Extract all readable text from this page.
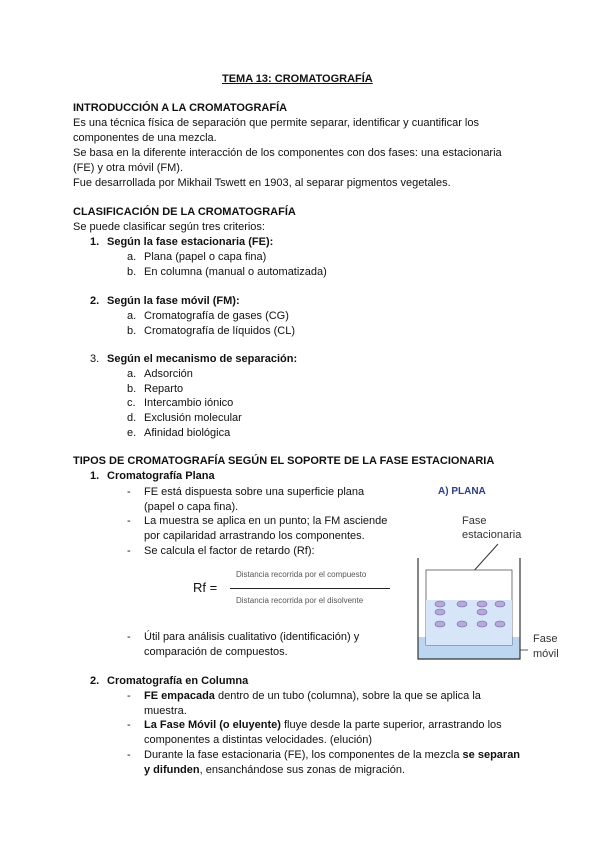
TEMA 13: CROMATOGRAFÍA
INTRODUCCIÓN A LA CROMATOGRAFÍA
Es una técnica física de separación que permite separar, identificar y cuantificar los
componentes de una mezcla.
Se basa en la diferente interacción de los componentes con dos fases: una estacionaria
(FE) y otra móvil (FM).
Fue desarrollada por Mikhail Tswett en 1903, al separar pigmentos vegetales.
CLASIFICACIÓN DE LA CROMATOGRAFÍA
Se puede clasificar según tres criterios:
1. Según la fase estacionaria (FE):
a. Plana (papel o capa fina)
b. En columna (manual o automatizada)
2. Según la fase móvil (FM):
a. Cromatografía de gases (CG)
b. Cromatografía de líquidos (CL)
3. Según el mecanismo de separación:
a. Adsorción
b. Reparto
c. Intercambio iónico
d. Exclusión molecular
e. Afinidad biológica
TIPOS DE CROMATOGRAFÍA SEGÚN EL SOPORTE DE LA FASE ESTACIONARIA
1. Cromatografía Plana
- FE está dispuesta sobre una superficie plana
(papel o capa fina).
- La muestra se aplica en un punto; la FM asciende
por capilaridad arrastrando los componentes.
- Se calcula el factor de retardo (Rf):
Rf =
Distancia recorrida por el compuesto
Distancia recorrida por el disolvente
- Útil para análisis cualitativo (identificación) y
comparación de compuestos.
A) PLANA
Fase
estacionaria
Fase
móvil
2. Cromatografía en Columna
- FE empacada dentro de un tubo (columna), sobre la que se aplica la
muestra.
- La Fase Móvil (o eluyente) fluye desde la parte superior, arrastrando los
componentes a distintas velocidades. (elución)
- Durante la fase estacionaria (FE), los componentes de la mezcla se separan
y difunden, ensanchándose sus zonas de migración.
